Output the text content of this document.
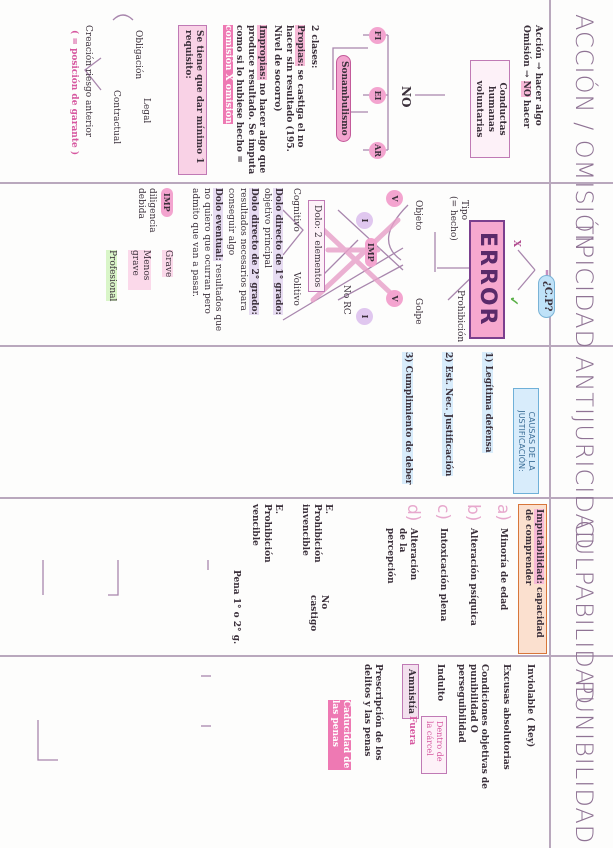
ACCIÓN / OMISIÓN
TIPICIDAD
ANTIJURICIDAD
CULPABILIDAD
PUNIBILIDAD
Acción → hacer algo
Omisión → NO hacer
Conductas humanas voluntarias
NO
FI
EI
AR
Sonambulismo
2 clases:
Propias: se castiga el no hacer sin resultado (195. Nivel de socorro)
Impropias: no hacer algo que produce resultado. Se imputa como si lo hubiese hecho = comisión X omisión
Se tiene que dar mínimo 1 requisito:
Obligación
Legal
Contractual
Creación riesgo anterior
( = posición de garante )
¿C.P?
X
✓
ERROR
Tipo
(= hecho)
Prohibición
Objeto
Golpe
V
I
V
I
IMP
No RC
Dolo: 2 elementos
Cognitivo
Volitivo
Dolo directo de 1° grado: objetivo principal
Dolo directo de 2° grado: resultados necesarios para conseguir algo
Dolo eventual: resultados que no quiero que ocurran pero admito que van a pasar.
IMP
diligencia debida
Grave
Menos grave
Profesional
CAUSAS DE LA JUSTIFICACIÓN:
1) Legítima defensa
2) Est. Nec. Justificación
3) Cumplimiento de deber
Imputabilidad: capacidad de comprender
a)
Minoría de edad
b)
Alteración psíquica
c)
Intoxicación plena
d)
Alteración de la percepción
E. Prohibición invencible
No castigo
E. Prohibición vencible
Pena 1° o 2° g.
Inviolable ( Rey)
Excusas absolutorias
Condiciones objetivas de punibilidad O perseguibilidad
Indulto
Dentro de la cárcel
Amnistía
Fuera
Prescripción de los delitos y las penas
Caducidad de las penas
